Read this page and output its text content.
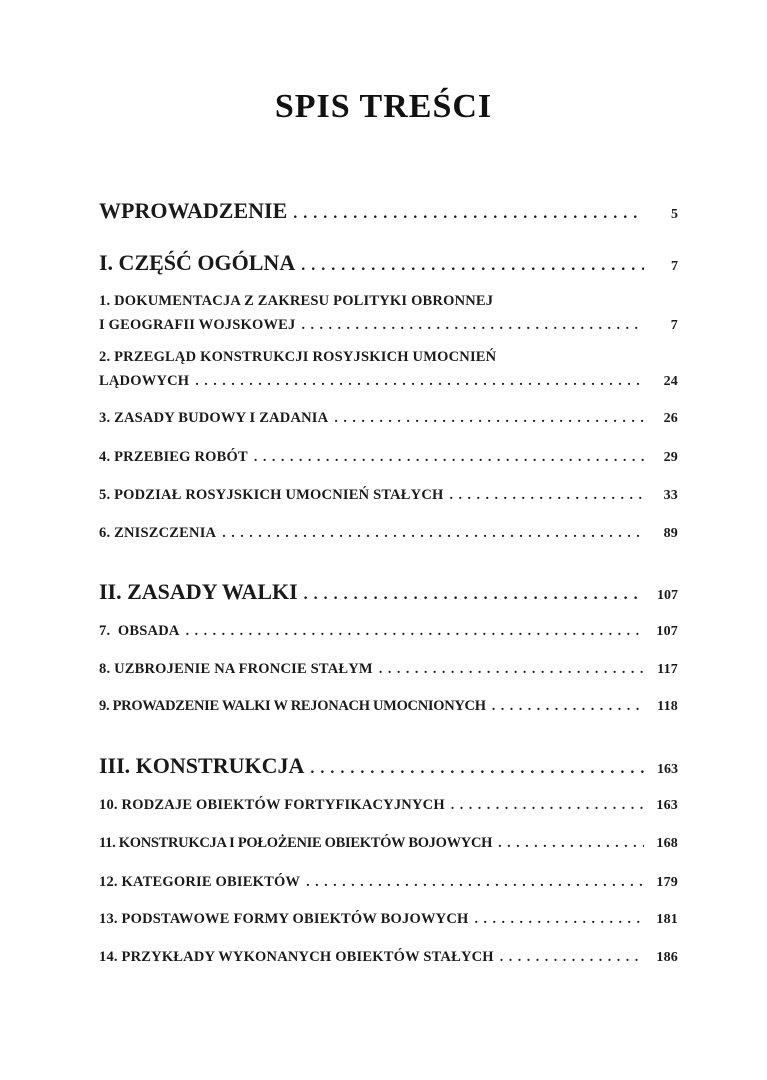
SPIS TREŚCI
WPROWADZENIE . . .	5
I. CZĘŚĆ OGÓLNA . . .	7
1. DOKUMENTACJA Z ZAKRESU POLITYKI OBRONNEJ
I GEOGRAFII WOJSKOWEJ . . .	7
2. PRZEGLĄD KONSTRUKCJI ROSYJSKICH UMOCNIEŃ
LĄDOWYCH . . .	24
3. ZASADY BUDOWY I ZADANIA . . .	26
4. PRZEBIEG ROBÓT . . .	29
5. PODZIAŁ ROSYJSKICH UMOCNIEŃ STAŁYCH . . .	33
6. ZNISZCZENIA . . .	89
II. ZASADY WALKI . . .	107
7.  OBSADA . . .	107
8. UZBROJENIE NA FRONCIE STAŁYM . . .	117
9. PROWADZENIE WALKI W REJONACH UMOCNIONYCH . . .	118
III. KONSTRUKCJA . . .	163
10. RODZAJE OBIEKTÓW FORTYFIKACYJNYCH . . .	163
11. KONSTRUKCJA I POŁOŻENIE OBIEKTÓW BOJOWYCH . . .	168
12. KATEGORIE OBIEKTÓW . . .	179
13. PODSTAWOWE FORMY OBIEKTÓW BOJOWYCH . . .	181
14. PRZYKŁADY WYKONANYCH OBIEKTÓW STAŁYCH . . .	186
